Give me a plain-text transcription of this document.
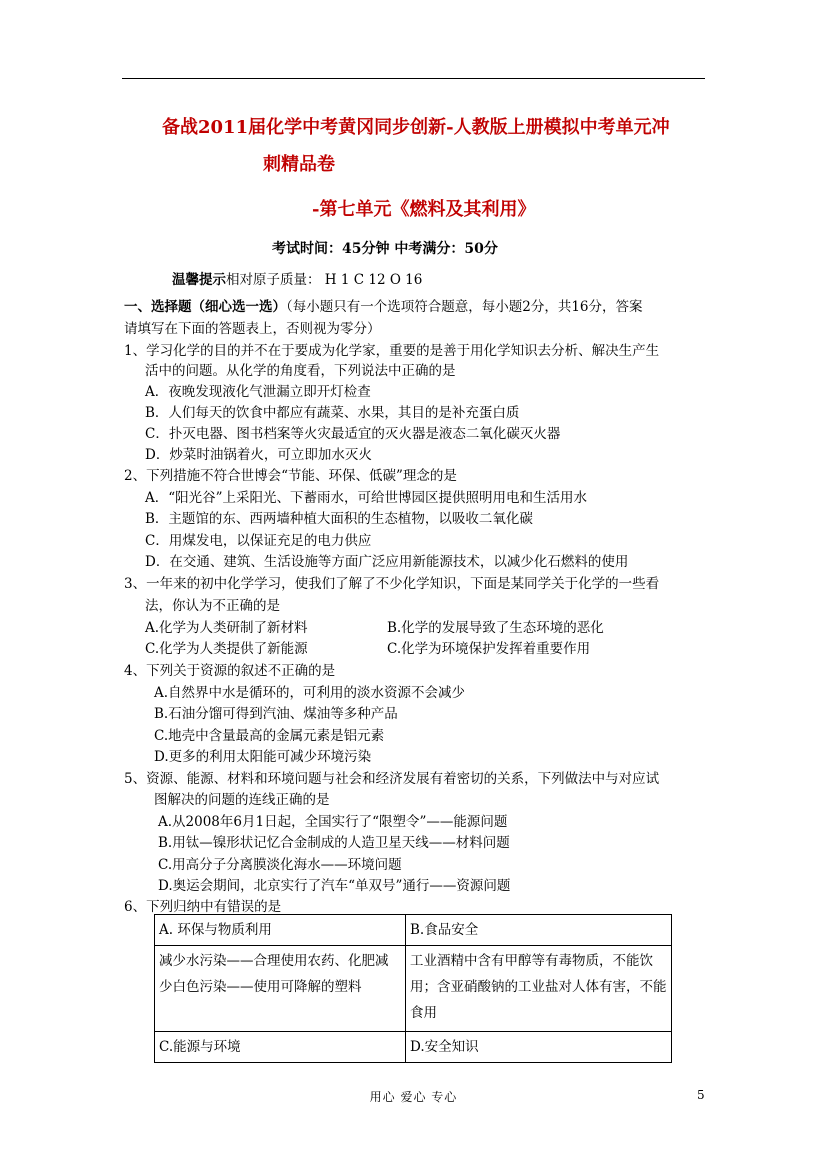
备战2011届化学中考黄冈同步创新-人教版上册模拟中考单元冲
刺精品卷
-第七单元《燃料及其利用》
考试时间：45分钟 中考满分：50分
温馨提示相对原子质量： H 1 C 12 O 16
一、选择题（细心选一选）（每小题只有一个选项符合题意，每小题2分，共16分，答案
请填写在下面的答题表上，否则视为零分）
1、学习化学的目的并不在于要成为化学家，重要的是善于用化学知识去分析、解决生产生
活中的问题。从化学的角度看，下列说法中正确的是
A．夜晚发现液化气泄漏立即开灯检查
B．人们每天的饮食中都应有蔬菜、水果，其目的是补充蛋白质
C．扑灭电器、图书档案等火灾最适宜的灭火器是液态二氧化碳灭火器
D．炒菜时油锅着火，可立即加水灭火
2、下列措施不符合世博会“节能、环保、低碳”理念的是
A．“阳光谷”上采阳光、下蓄雨水，可给世博园区提供照明用电和生活用水
B．主题馆的东、西两墙种植大面积的生态植物，以吸收二氧化碳
C．用煤发电，以保证充足的电力供应
D．在交通、建筑、生活设施等方面广泛应用新能源技术，以减少化石燃料的使用
3、一年来的初中化学学习，使我们了解了不少化学知识，下面是某同学关于化学的一些看
法，你认为不正确的是
A.化学为人类研制了新材料	B.化学的发展导致了生态环境的恶化
C.化学为人类提供了新能源	C.化学为环境保护发挥着重要作用
4、下列关于资源的叙述不正确的是
A.自然界中水是循环的，可利用的淡水资源不会减少
B.石油分馏可得到汽油、煤油等多种产品
C.地壳中含量最高的金属元素是铝元素
D.更多的利用太阳能可减少环境污染
5、资源、能源、材料和环境问题与社会和经济发展有着密切的关系，下列做法中与对应试
图解决的问题的连线正确的是
A.从2008年6月1日起，全国实行了“限塑令”——能源问题
B.用钛—镍形状记忆合金制成的人造卫星天线——材料问题
C.用高分子分离膜淡化海水——环境问题
D.奥运会期间，北京实行了汽车“单双号”通行——资源问题
6、下列归纳中有错误的是
A. 环保与物质利用	B.食品安全
减少水污染——合理使用农药、化肥减少白色污染——使用可降解的塑料	工业酒精中含有甲醇等有毒物质，不能饮用；含亚硝酸钠的工业盐对人体有害，不能食用
C.能源与环境	D.安全知识
用心 爱心 专心	5
